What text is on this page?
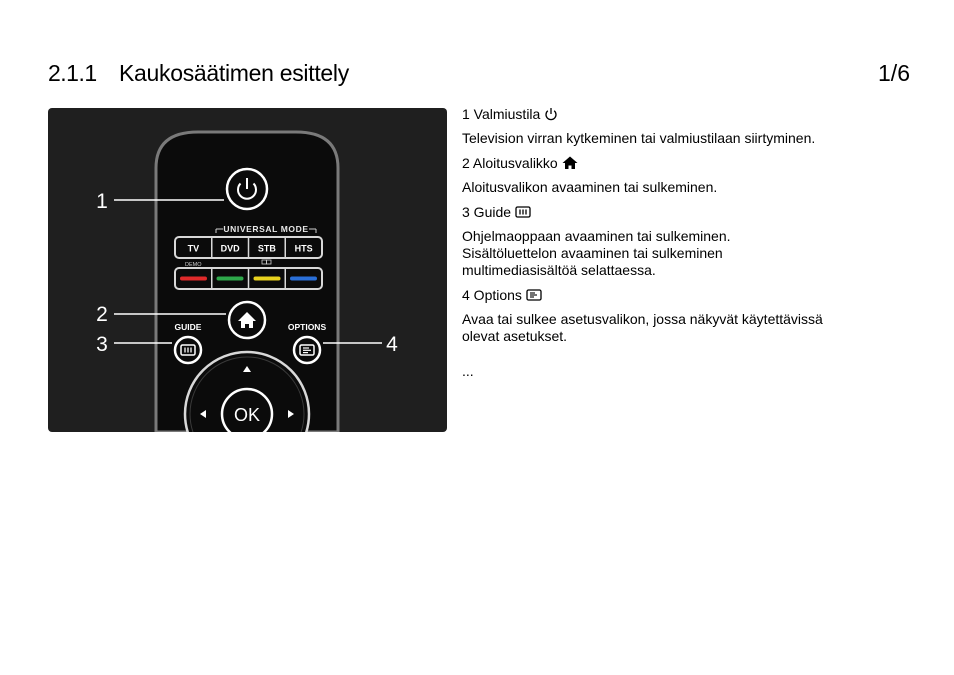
2.1.1 Kaukosäätimen esittely	1/6
1
2
3	4
UNIVERSAL MODE
TV DVD STB HTS
DEMO
GUIDE	OPTIONS
OK
1 Valmiustila
Television virran kytkeminen tai valmiustilaan siirtyminen.
2 Aloitusvalikko
Aloitusvalikon avaaminen tai sulkeminen.
3 Guide
Ohjelmaoppaan avaaminen tai sulkeminen.
Sisältöluettelon avaaminen tai sulkeminen
multimediasisältöä selattaessa.
4 Options
Avaa tai sulkee asetusvalikon, jossa näkyvät käytettävissä
olevat asetukset.
...
